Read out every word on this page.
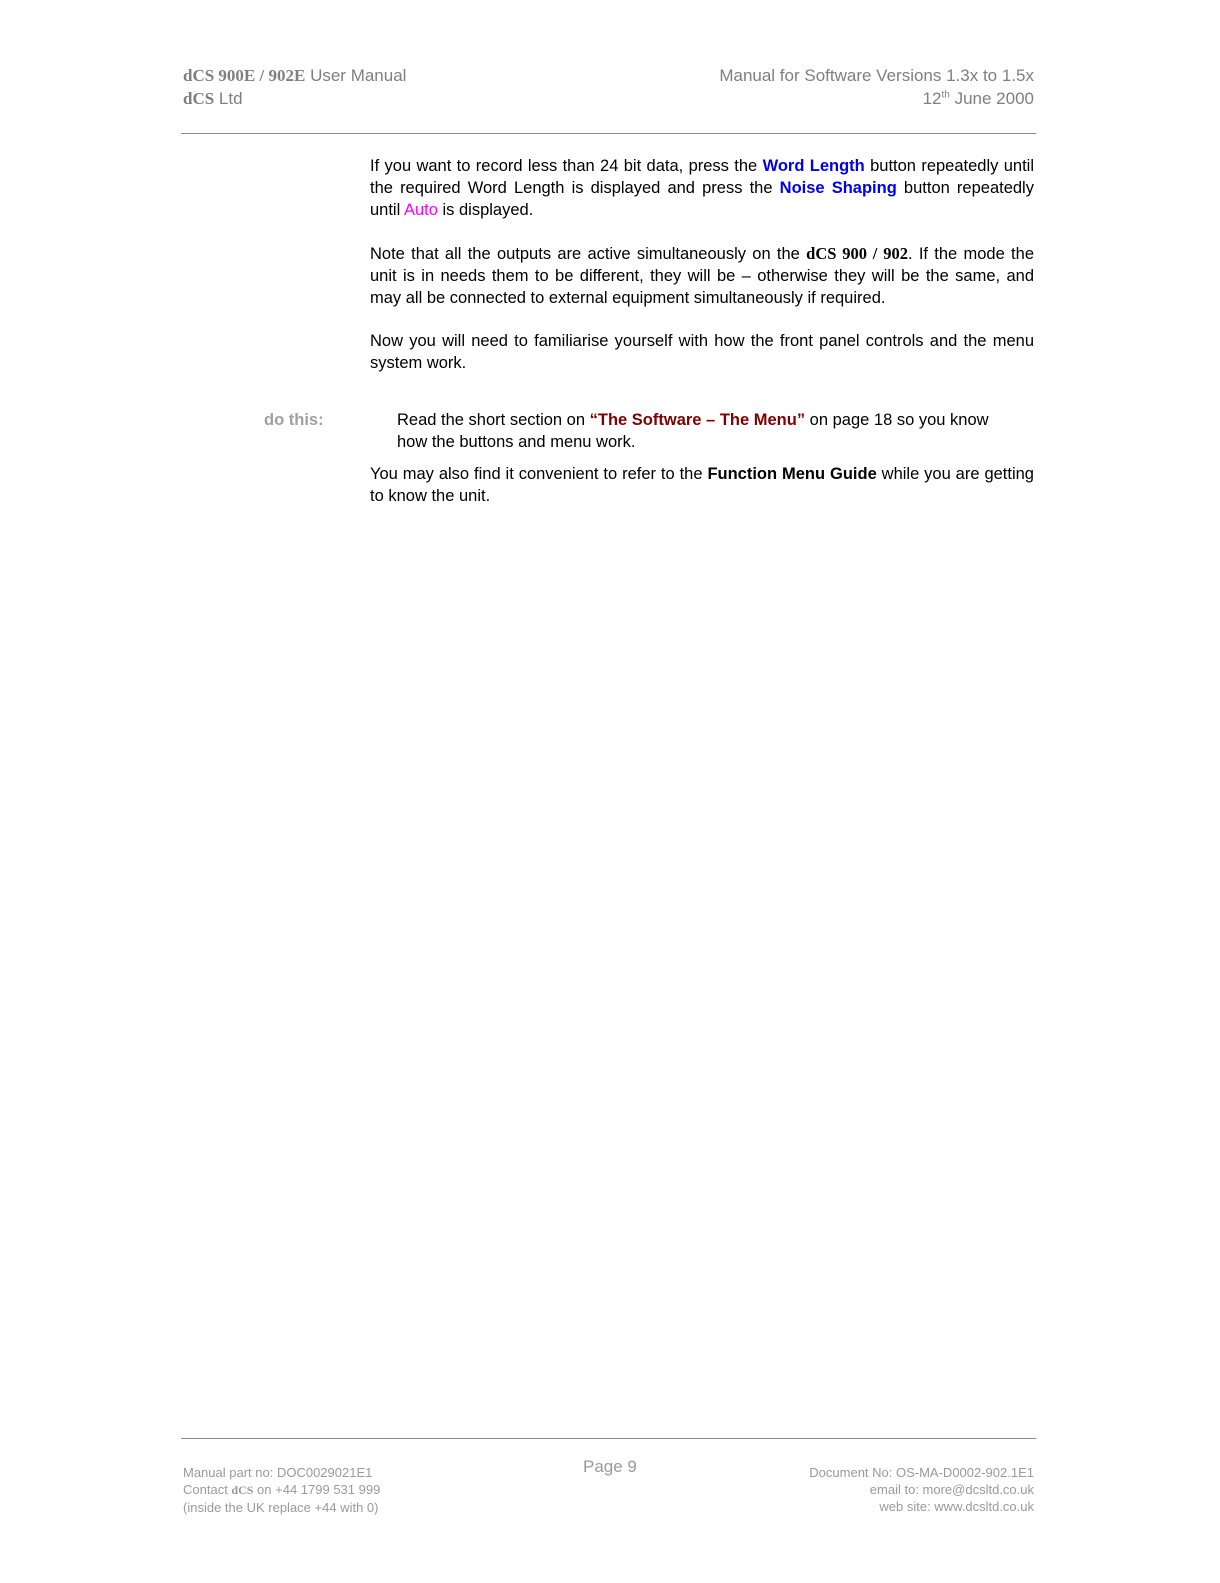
dCS 900E / 902E User Manual
dCS Ltd
Manual for Software Versions 1.3x to 1.5x
12th June 2000

If you want to record less than 24 bit data, press the Word Length button repeatedly until the required Word Length is displayed and press the Noise Shaping button repeatedly until Auto is displayed.

Note that all the outputs are active simultaneously on the dCS 900 / 902. If the mode the unit is in needs them to be different, they will be – otherwise they will be the same, and may all be connected to external equipment simultaneously if required.

Now you will need to familiarise yourself with how the front panel controls and the menu system work.

do this:	Read the short section on “The Software – The Menu” on page 18 so you know how the buttons and menu work.

You may also find it convenient to refer to the Function Menu Guide while you are getting to know the unit.

Manual part no: DOC0029021E1
Contact dCS on +44 1799 531 999
(inside the UK replace +44 with 0)
Page 9	Document No: OS-MA-D0002-902.1E1
email to: more@dcsltd.co.uk
web site: www.dcsltd.co.uk
